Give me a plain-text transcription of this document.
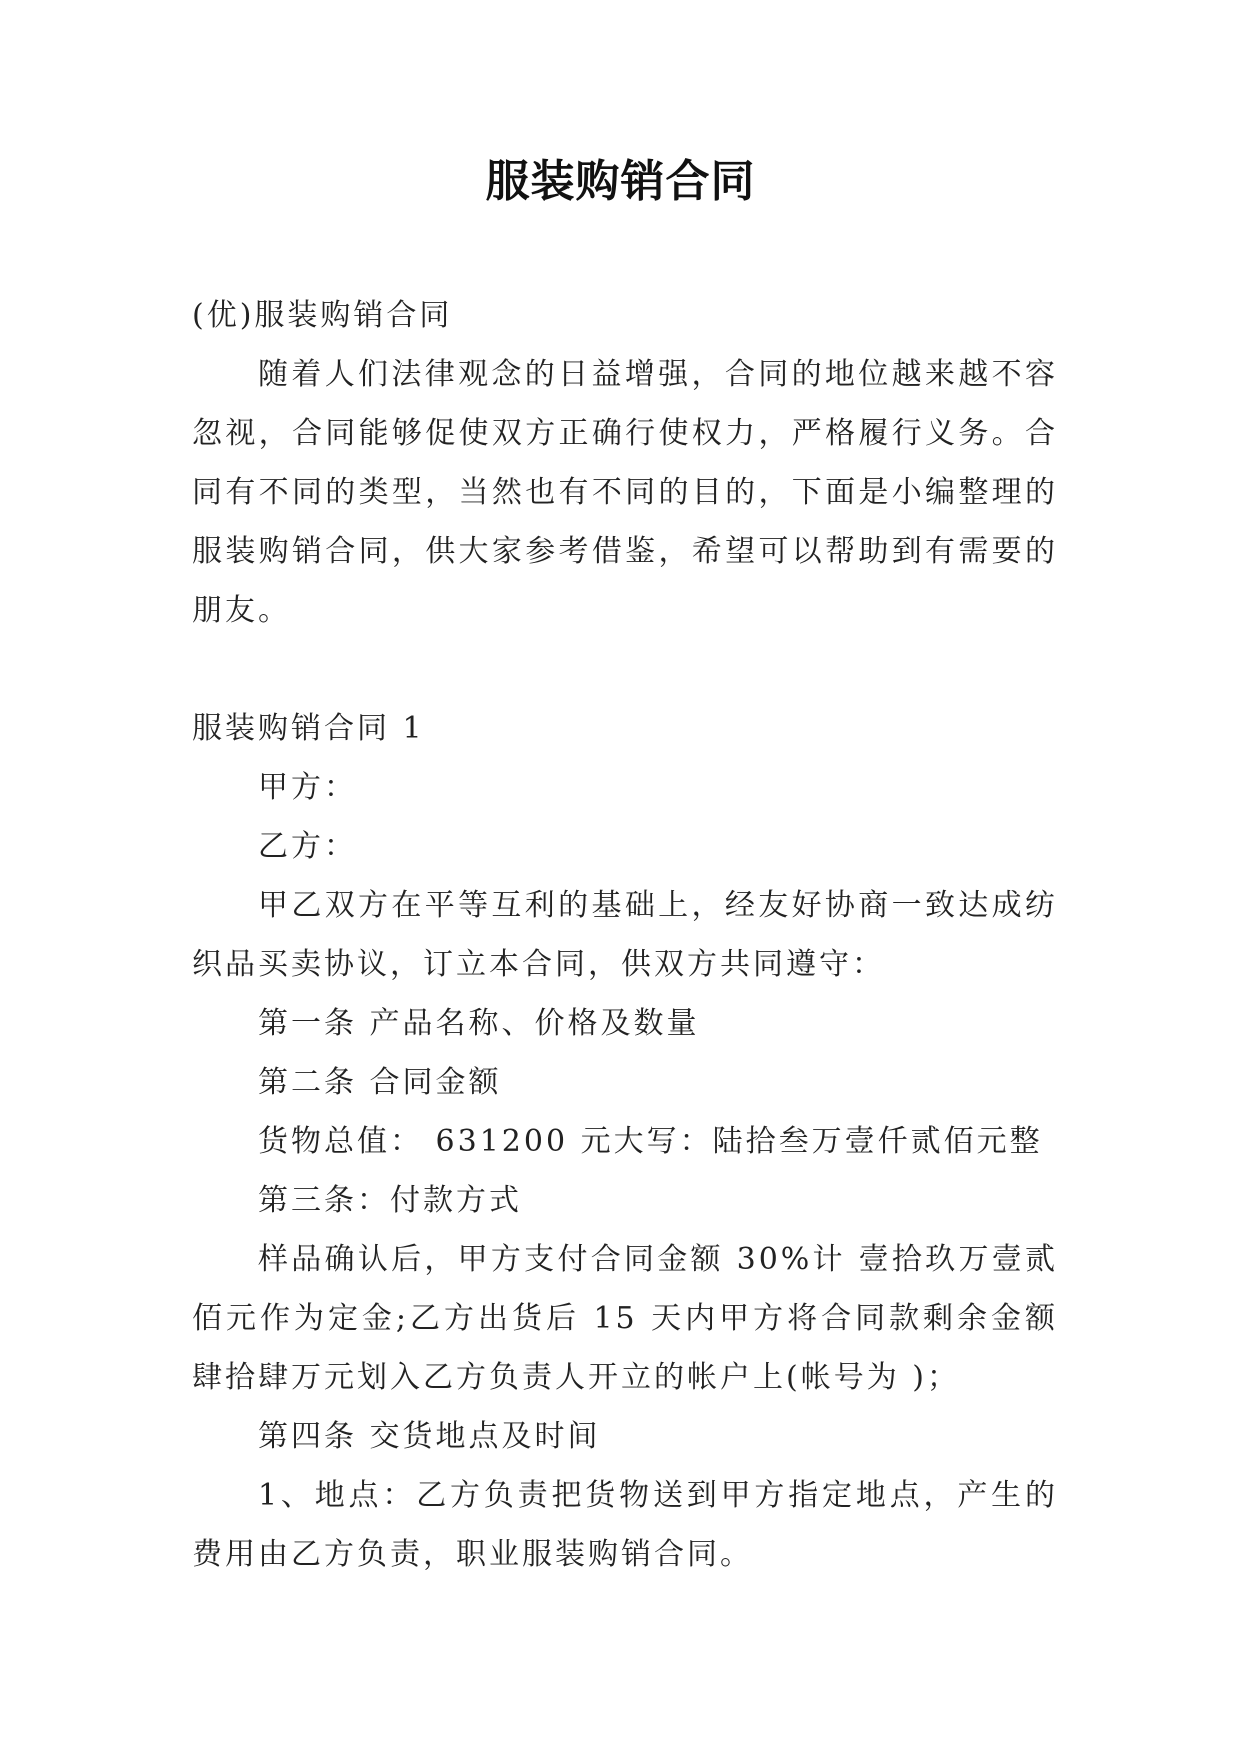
服装购销合同

(优)服装购销合同

随着人们法律观念的日益增强，合同的地位越来越不容忽视，合同能够促使双方正确行使权力，严格履行义务。合同有不同的类型，当然也有不同的目的，下面是小编整理的服装购销合同，供大家参考借鉴，希望可以帮助到有需要的朋友。

服装购销合同 1

甲方：

乙方：

甲乙双方在平等互利的基础上，经友好协商一致达成纺织品买卖协议，订立本合同，供双方共同遵守：

第一条 产品名称、价格及数量

第二条 合同金额

货物总值： 631200 元大写：陆拾叁万壹仟贰佰元整

第三条：付款方式

样品确认后，甲方支付合同金额 30%计 壹拾玖万壹贰佰元作为定金;乙方出货后 15 天内甲方将合同款剩余金额 肆拾肆万元划入乙方负责人开立的帐户上(帐号为 )；

第四条 交货地点及时间

1、地点：乙方负责把货物送到甲方指定地点，产生的费用由乙方负责，职业服装购销合同。
